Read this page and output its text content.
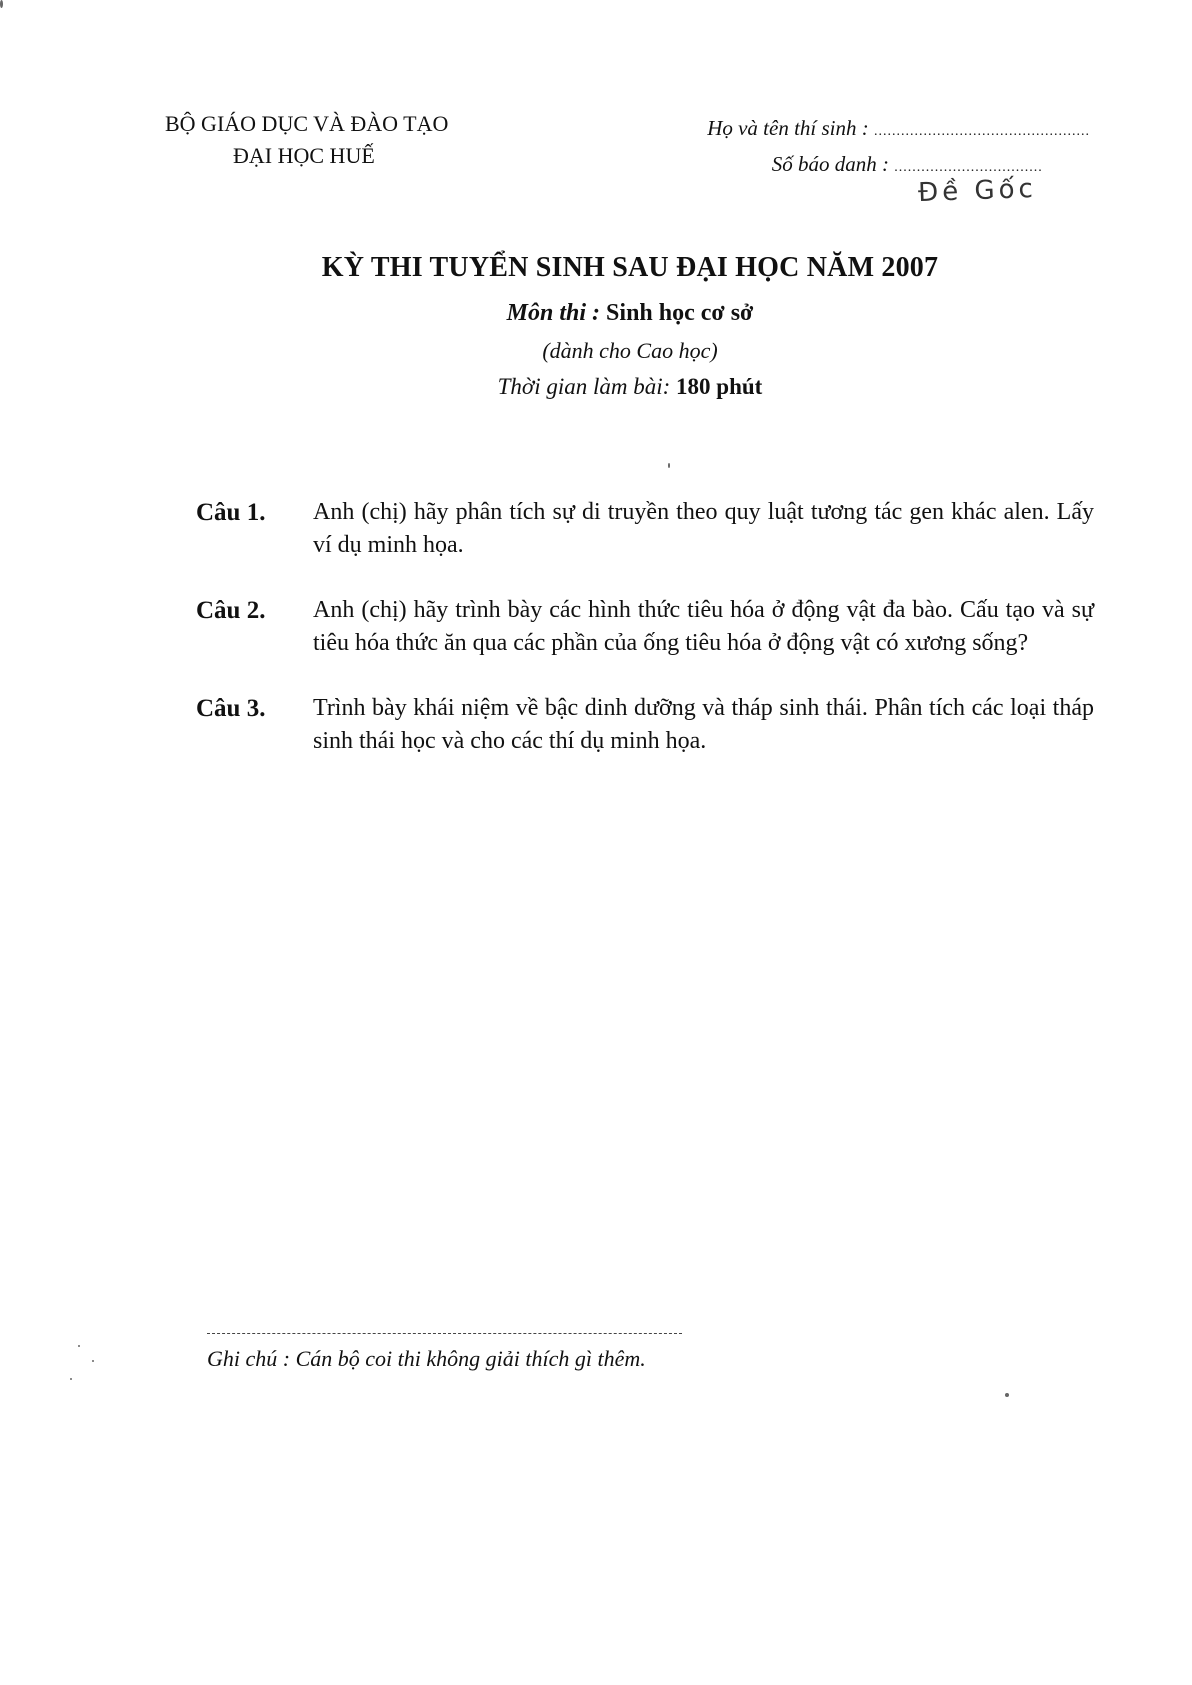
BỘ GIÁO DỤC VÀ ĐÀO TẠO
ĐẠI HỌC HUẾ
Họ và tên thí sinh : ................................................
Số báo danh : .................................
Đề Gốc
KỲ THI TUYỂN SINH SAU ĐẠI HỌC NĂM 2007
Môn thi : Sinh học cơ sở
(dành cho Cao học)
Thời gian làm bài: 180 phút
Câu 1.	Anh (chị) hãy phân tích sự di truyền theo quy luật tương tác gen khác alen. Lấy ví dụ minh họa.
Câu 2.	Anh (chị) hãy trình bày các hình thức tiêu hóa ở động vật đa bào. Cấu tạo và sự tiêu hóa thức ăn qua các phần của ống tiêu hóa ở động vật có xương sống?
Câu 3.	Trình bày khái niệm về bậc dinh dưỡng và tháp sinh thái. Phân tích các loại tháp sinh thái học và cho các thí dụ minh họa.
Ghi chú : Cán bộ coi thi không giải thích gì thêm.
